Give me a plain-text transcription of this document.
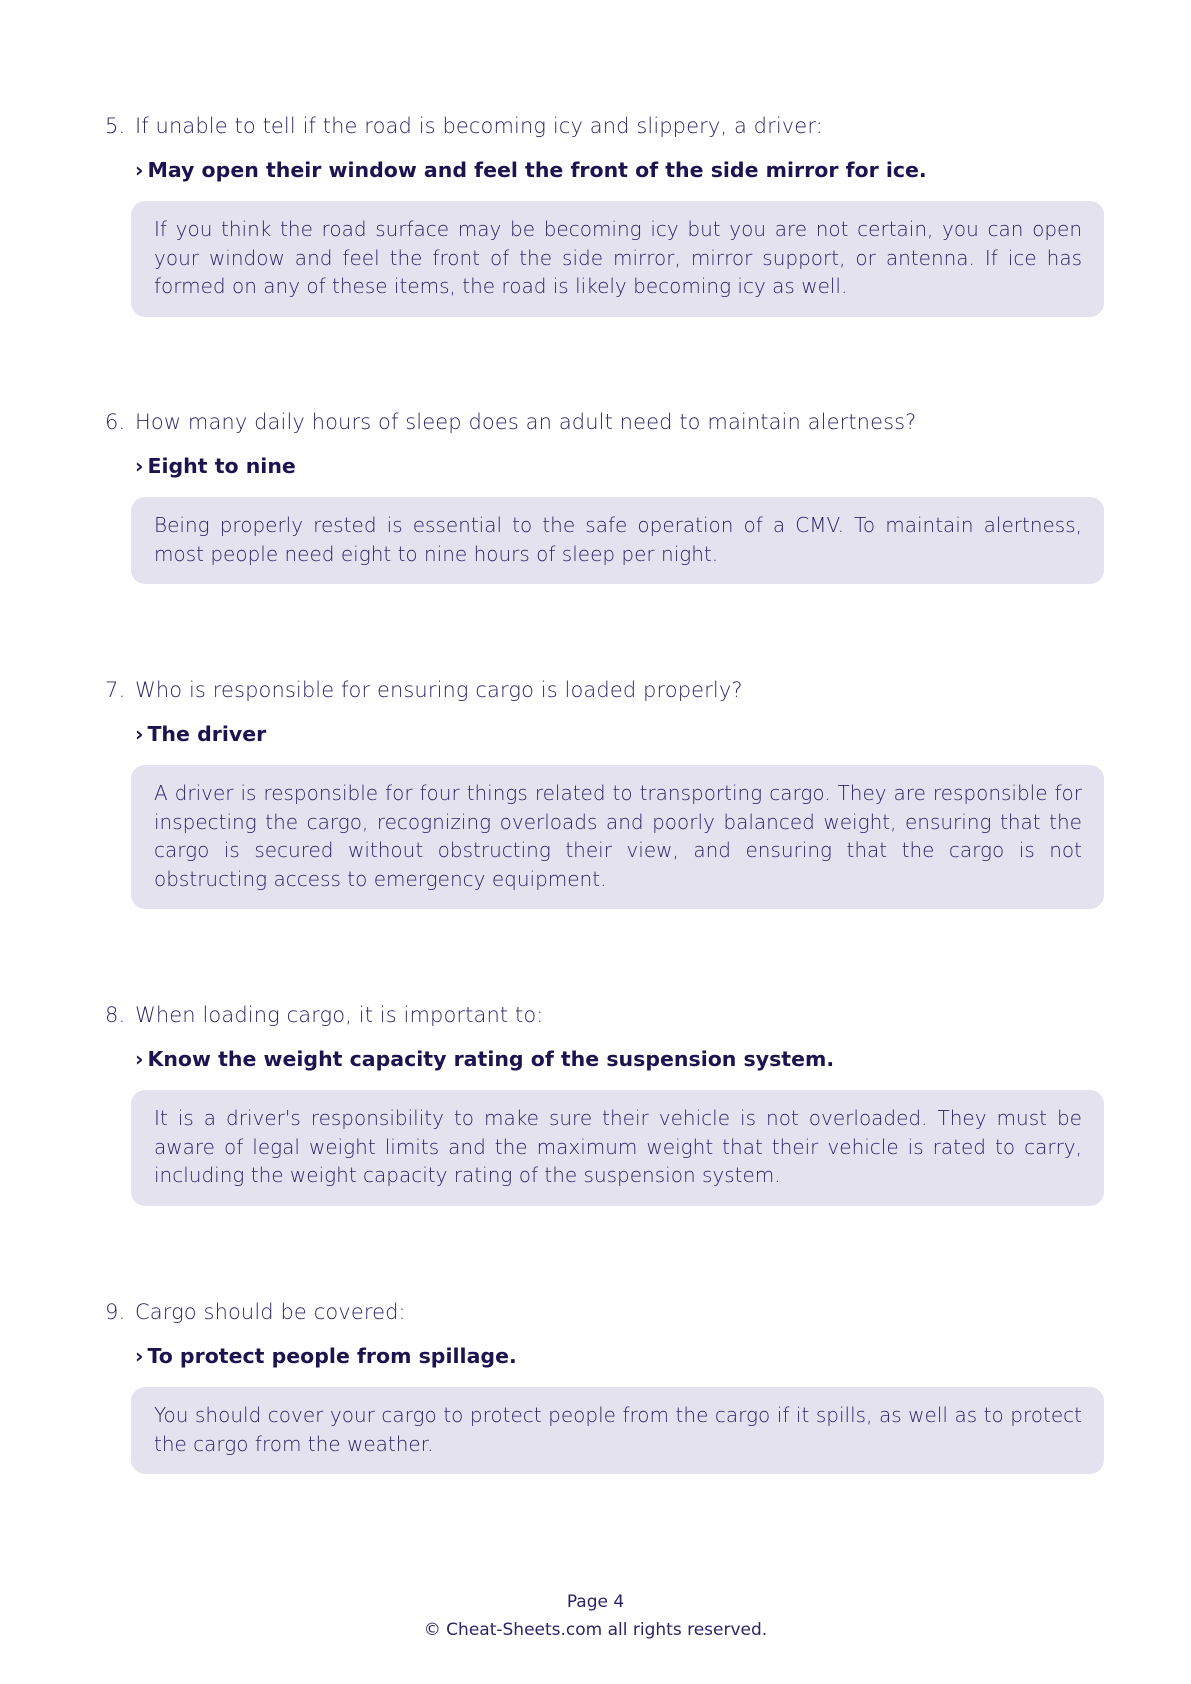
5. If unable to tell if the road is becoming icy and slippery, a driver:
› May open their window and feel the front of the side mirror for ice.
If you think the road surface may be becoming icy but you are not certain, you can open your window and feel the front of the side mirror, mirror support, or antenna. If ice has formed on any of these items, the road is likely becoming icy as well.
6. How many daily hours of sleep does an adult need to maintain alertness?
› Eight to nine
Being properly rested is essential to the safe operation of a CMV. To maintain alertness, most people need eight to nine hours of sleep per night.
7. Who is responsible for ensuring cargo is loaded properly?
› The driver
A driver is responsible for four things related to transporting cargo. They are responsible for inspecting the cargo, recognizing overloads and poorly balanced weight, ensuring that the cargo is secured without obstructing their view, and ensuring that the cargo is not obstructing access to emergency equipment.
8. When loading cargo, it is important to:
› Know the weight capacity rating of the suspension system.
It is a driver's responsibility to make sure their vehicle is not overloaded. They must be aware of legal weight limits and the maximum weight that their vehicle is rated to carry, including the weight capacity rating of the suspension system.
9. Cargo should be covered:
› To protect people from spillage.
You should cover your cargo to protect people from the cargo if it spills, as well as to protect the cargo from the weather.
Page 4
© Cheat-Sheets.com all rights reserved.
